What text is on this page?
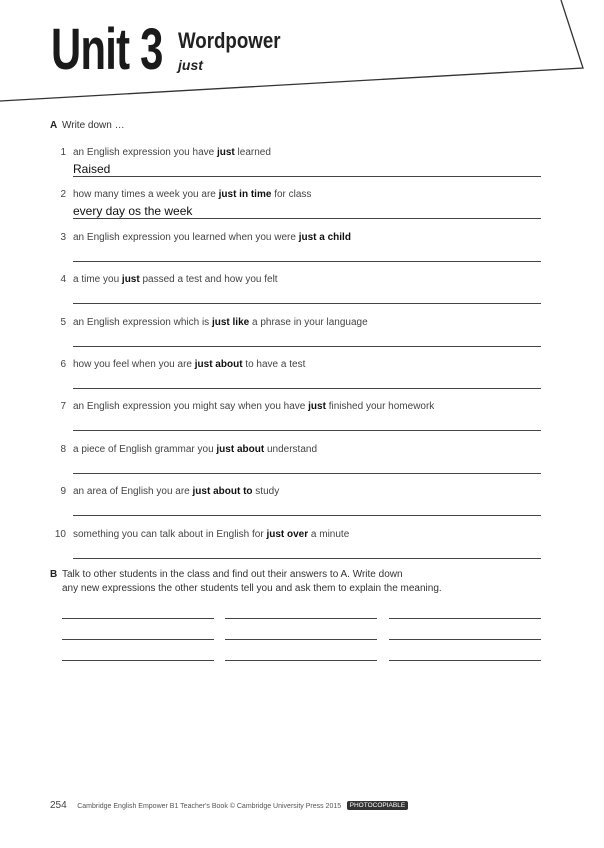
Unit 3 Wordpower
just
A Write down …
1 an English expression you have just learned
Raised
2 how many times a week you are just in time for class
every day os the week
3 an English expression you learned when you were just a child
4 a time you just passed a test and how you felt
5 an English expression which is just like a phrase in your language
6 how you feel when you are just about to have a test
7 an English expression you might say when you have just finished your homework
8 a piece of English grammar you just about understand
9 an area of English you are just about to study
10 something you can talk about in English for just over a minute
B Talk to other students in the class and find out their answers to A. Write down
any new expressions the other students tell you and ask them to explain the meaning.
254 Cambridge English Empower B1 Teacher's Book © Cambridge University Press 2015 PHOTOCOPIABLE
